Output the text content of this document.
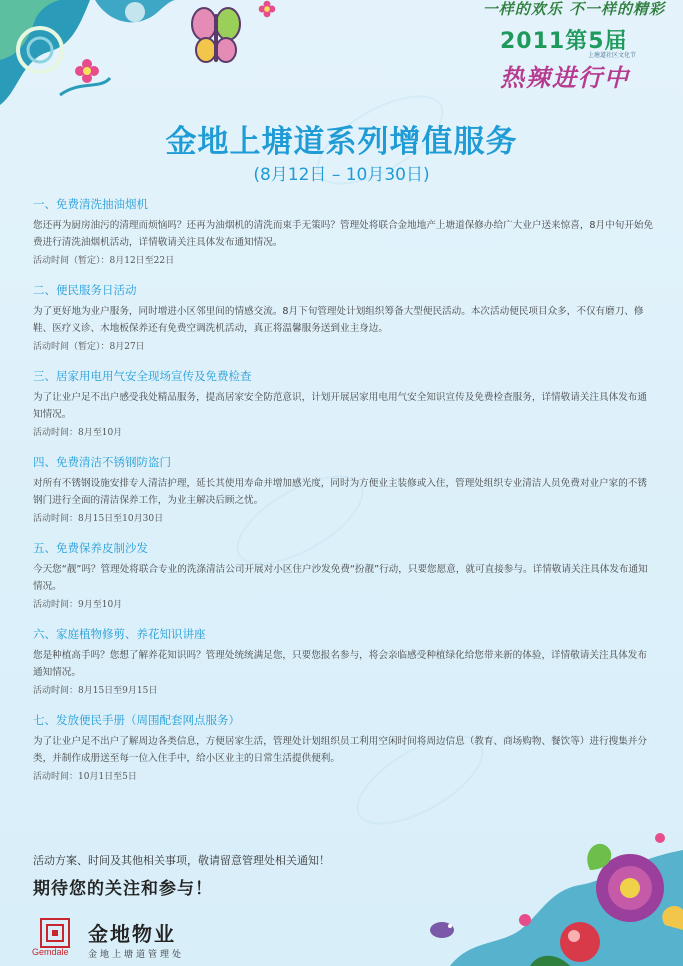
一样的欢乐 不一样的精彩
2011第5届
上塘道社区文化节
热辣进行中
金地上塘道系列增值服务
(8月12日 – 10月30日)
一、免费清洗抽油烟机

您还再为厨房油污的清理而烦恼吗？还再为油烟机的清洗而束手无策吗？管理处将联合金地地产上塘道保修办给广大业户送来惊喜，8月中旬开始免费进行清洗油烟机活动，详情敬请关注具体发布通知情况。

活动时间（暂定）：8月12日至22日

二、便民服务日活动

为了更好地为业户服务，同时增进小区邻里间的情感交流。8月下旬管理处计划组织筹备大型便民活动。本次活动便民项目众多，不仅有磨刀、修鞋、医疗义诊、木地板保养还有免费空调洗机活动，真正将温馨服务送到业主身边。

活动时间（暂定）：8月27日

三、居家用电用气安全现场宣传及免费检查

为了让业户足不出户感受我处精品服务，提高居家安全防范意识，计划开展居家用电用气安全知识宣传及免费检查服务，详情敬请关注具体发布通知情况。

活动时间：8月至10月

四、免费清洁不锈钢防盗门

对所有不锈钢设施安排专人清洁护理，延长其使用寿命并增加感光度，同时为方便业主装修或入住，管理处组织专业清洁人员免费对业户家的不锈钢门进行全面的清洁保养工作，为业主解决后顾之忧。

活动时间：8月15日至10月30日

五、免费保养皮制沙发

今天您“靓”吗？管理处将联合专业的洗涤清洁公司开展对小区住户沙发免费“扮靓”行动，只要您愿意，就可直接参与。详情敬请关注具体发布通知情况。

活动时间：9月至10月

六、家庭植物修剪、养花知识讲座

您是种植高手吗？您想了解养花知识吗？管理处统统满足您，只要您报名参与，将会亲临感受种植绿化给您带来新的体验，详情敬请关注具体发布通知情况。

活动时间：8月15日至9月15日

七、发放便民手册（周围配套网点服务）

为了让业户足不出户了解周边各类信息，方便居家生活，管理处计划组织员工利用空闲时间将周边信息（教育、商场购物、餐饮等）进行搜集并分类，并制作成册送至每一位入住手中，给小区业主的日常生活提供便利。

活动时间：10月1日至5日

活动方案、时间及其他相关事项，敬请留意管理处相关通知！
期待您的关注和参与！
金地物业
Gemdale 金地上塘道管理处
